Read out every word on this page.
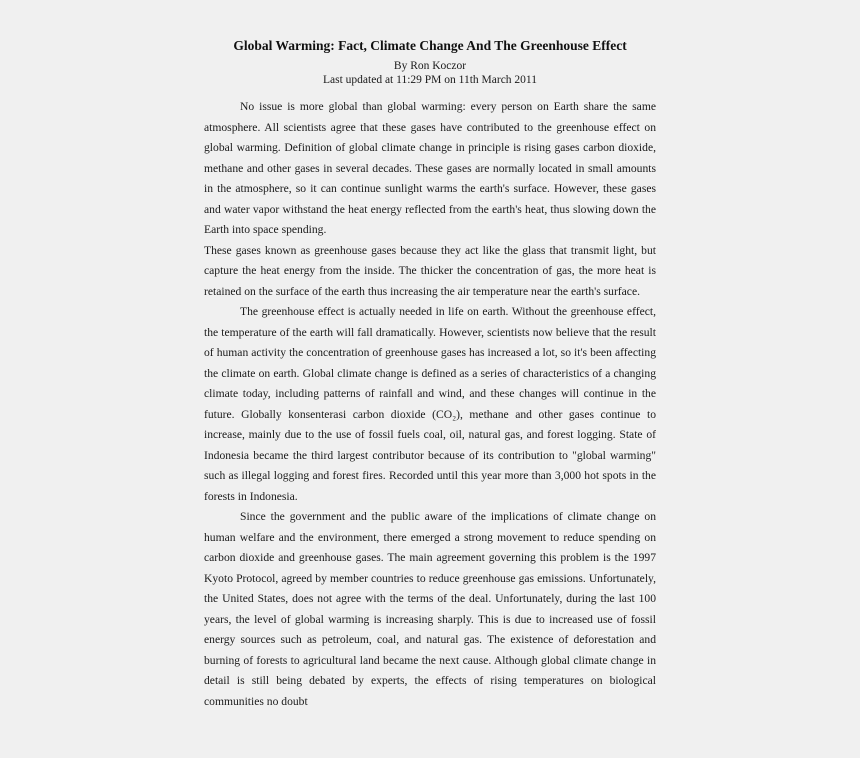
Global Warming: Fact, Climate Change And The Greenhouse Effect
By Ron Koczor
Last updated at 11:29 PM on 11th March 2011

No issue is more global than global warming: every person on Earth share the same atmosphere. All scientists agree that these gases have contributed to the greenhouse effect on global warming. Definition of global climate change in principle is rising gases carbon dioxide, methane and other gases in several decades. These gases are normally located in small amounts in the atmosphere, so it can continue sunlight warms the earth's surface. However, these gases and water vapor withstand the heat energy reflected from the earth's heat, thus slowing down the Earth into space spending.

These gases known as greenhouse gases because they act like the glass that transmit light, but capture the heat energy from the inside. The thicker the concentration of gas, the more heat is retained on the surface of the earth thus increasing the air temperature near the earth's surface.

The greenhouse effect is actually needed in life on earth. Without the greenhouse effect, the temperature of the earth will fall dramatically. However, scientists now believe that the result of human activity the concentration of greenhouse gases has increased a lot, so it's been affecting the climate on earth. Global climate change is defined as a series of characteristics of a changing climate today, including patterns of rainfall and wind, and these changes will continue in the future. Globally konsenterasi carbon dioxide (CO₂), methane and other gases continue to increase, mainly due to the use of fossil fuels coal, oil, natural gas, and forest logging. State of Indonesia became the third largest contributor because of its contribution to "global warming" such as illegal logging and forest fires. Recorded until this year more than 3,000 hot spots in the forests in Indonesia.

Since the government and the public aware of the implications of climate change on human welfare and the environment, there emerged a strong movement to reduce spending on carbon dioxide and greenhouse gases. The main agreement governing this problem is the 1997 Kyoto Protocol, agreed by member countries to reduce greenhouse gas emissions. Unfortunately, the United States, does not agree with the terms of the deal. Unfortunately, during the last 100 years, the level of global warming is increasing sharply. This is due to increased use of fossil energy sources such as petroleum, coal, and natural gas. The existence of deforestation and burning of forests to agricultural land became the next cause. Although global climate change in detail is still being debated by experts, the effects of rising temperatures on biological communities no doubt
